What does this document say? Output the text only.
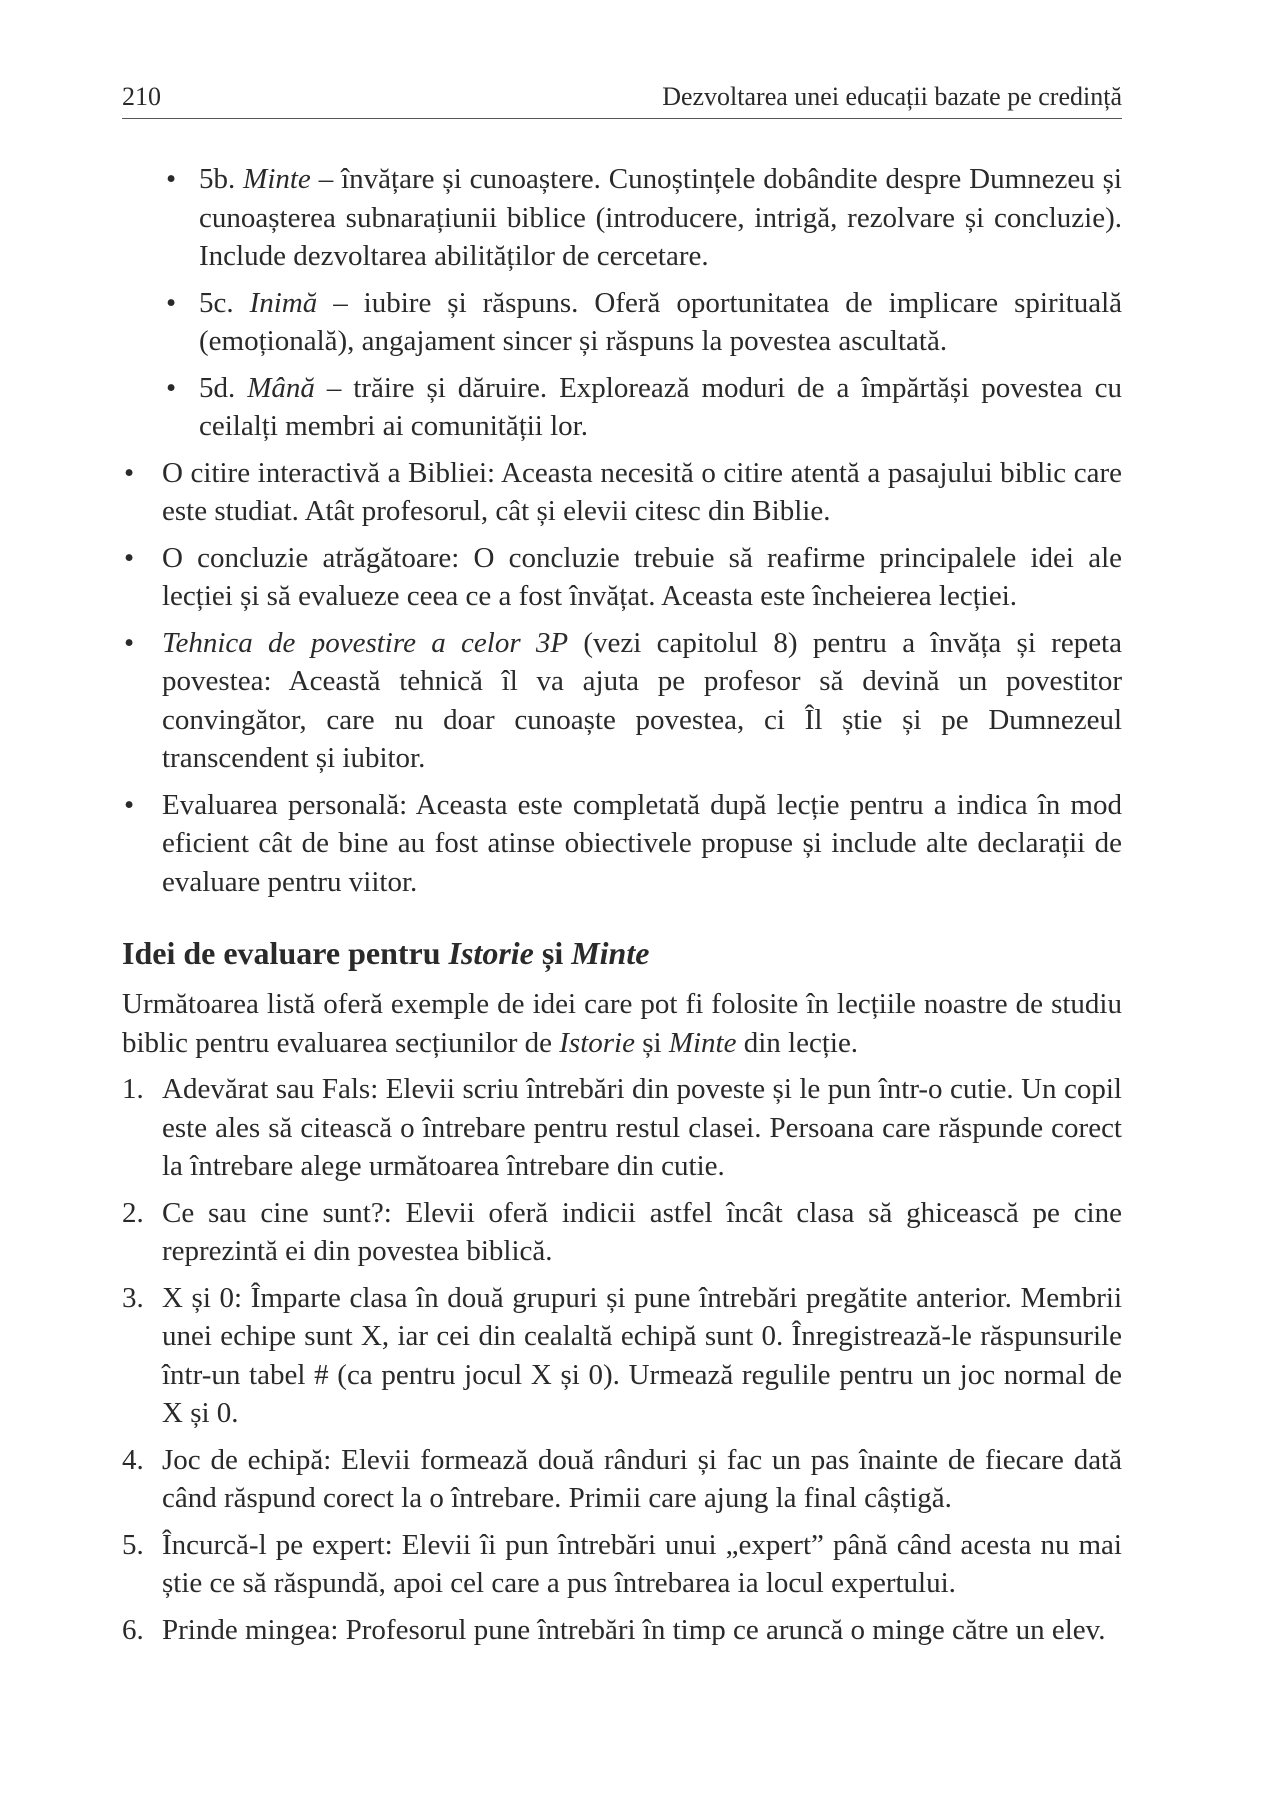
210	Dezvoltarea unei educații bazate pe credință
• 5b. Minte – învățare și cunoaștere. Cunoștințele dobândite despre Dumnezeu și cunoașterea subnarațiunii biblice (introducere, intrigă, rezolvare și concluzie). Include dezvoltarea abilităților de cercetare.
• 5c. Inimă – iubire și răspuns. Oferă oportunitatea de implicare spirituală (emoțională), angajament sincer și răspuns la povestea ascultată.
• 5d. Mână – trăire și dăruire. Explorează moduri de a împărtăși povestea cu ceilalți membri ai comunității lor.
• O citire interactivă a Bibliei: Aceasta necesită o citire atentă a pasajului biblic care este studiat. Atât profesorul, cât și elevii citesc din Biblie.
• O concluzie atrăgătoare: O concluzie trebuie să reafirme principalele idei ale lecției și să evalueze ceea ce a fost învățat. Aceasta este încheierea lecției.
• Tehnica de povestire a celor 3P (vezi capitolul 8) pentru a învăța și repeta povestea: Această tehnică îl va ajuta pe profesor să devină un povestitor convingător, care nu doar cunoaște povestea, ci Îl știe și pe Dumnezeul transcendent și iubitor.
• Evaluarea personală: Aceasta este completată după lecție pentru a indica în mod eficient cât de bine au fost atinse obiectivele propuse și include alte declarații de evaluare pentru viitor.
Idei de evaluare pentru Istorie și Minte

Următoarea listă oferă exemple de idei care pot fi folosite în lecțiile noastre de studiu biblic pentru evaluarea secțiunilor de Istorie și Minte din lecție.

1. Adevărat sau Fals: Elevii scriu întrebări din poveste și le pun într-o cutie. Un copil este ales să citească o întrebare pentru restul clasei. Persoana care răspunde corect la întrebare alege următoarea întrebare din cutie.
2. Ce sau cine sunt?: Elevii oferă indicii astfel încât clasa să ghicească pe cine reprezintă ei din povestea biblică.
3. X și 0: Împarte clasa în două grupuri și pune întrebări pregătite anterior. Membrii unei echipe sunt X, iar cei din cealaltă echipă sunt 0. Înregistrează-le răspunsurile într-un tabel # (ca pentru jocul X și 0). Urmează regulile pentru un joc normal de X și 0.
4. Joc de echipă: Elevii formează două rânduri și fac un pas înainte de fiecare dată când răspund corect la o întrebare. Primii care ajung la final câștigă.
5. Încurcă-l pe expert: Elevii îi pun întrebări unui „expert” până când acesta nu mai știe ce să răspundă, apoi cel care a pus întrebarea ia locul expertului.
6. Prinde mingea: Profesorul pune întrebări în timp ce aruncă o minge către un elev.
